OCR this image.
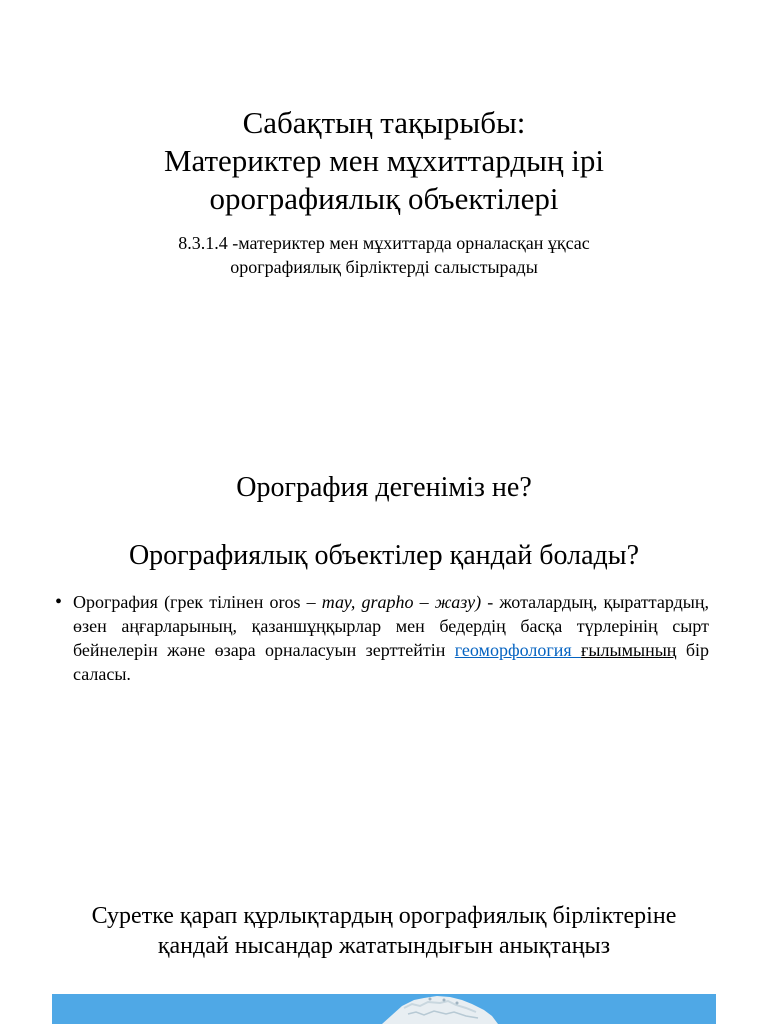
Сабақтың тақырыбы:

Материктер мен мұхиттардың ірі

орографиялық объектілері

8.3.1.4 -материктер мен мұхиттарда орналасқан ұқсас
орографиялық бірліктерді салыстырады
Орография дегеніміз не?
Орографиялық объектілер қандай болады?
• Орография (грек тілінен oros – тау, grapho – жазу) - жоталардың, қыраттардың, өзен аңғарларының, қазаншұңқырлар мен бедердің басқа түрлерінің сырт бейнелерін және өзара орналасуын зерттейтін геоморфология ғылымының бір саласы.
Суретке қарап құрлықтардың орографиялық бірліктеріне
қандай нысандар жататындығын анықтаңыз
